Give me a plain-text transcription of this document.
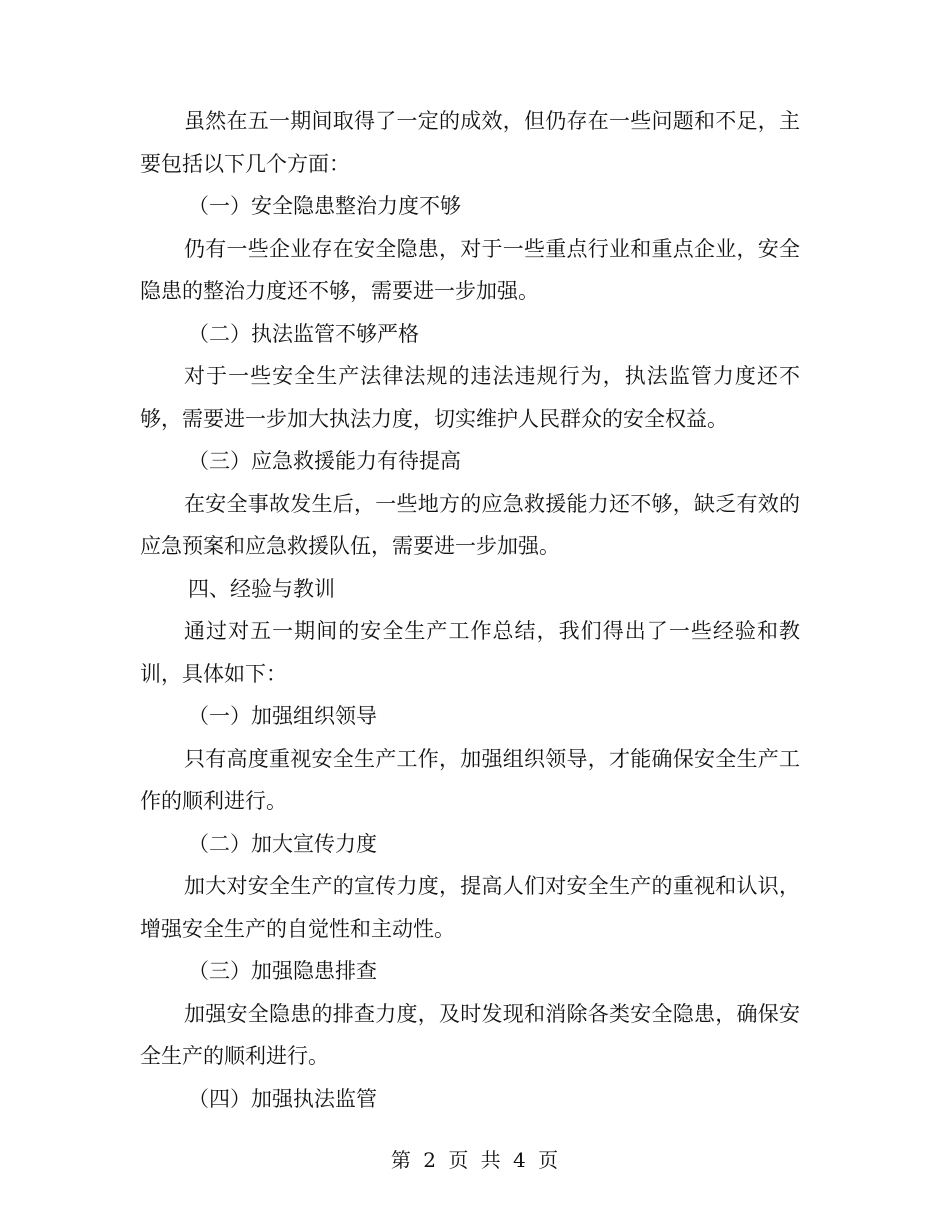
虽然在五一期间取得了一定的成效，但仍存在一些问题和不足，主要包括以下几个方面：

（一）安全隐患整治力度不够

仍有一些企业存在安全隐患，对于一些重点行业和重点企业，安全隐患的整治力度还不够，需要进一步加强。

（二）执法监管不够严格

对于一些安全生产法律法规的违法违规行为，执法监管力度还不够，需要进一步加大执法力度，切实维护人民群众的安全权益。

（三）应急救援能力有待提高

在安全事故发生后，一些地方的应急救援能力还不够，缺乏有效的应急预案和应急救援队伍，需要进一步加强。

四、经验与教训

通过对五一期间的安全生产工作总结，我们得出了一些经验和教训，具体如下：

（一）加强组织领导

只有高度重视安全生产工作，加强组织领导，才能确保安全生产工作的顺利进行。

（二）加大宣传力度

加大对安全生产的宣传力度，提高人们对安全生产的重视和认识，增强安全生产的自觉性和主动性。

（三）加强隐患排查

加强安全隐患的排查力度，及时发现和消除各类安全隐患，确保安全生产的顺利进行。

（四）加强执法监管

第 2 页 共 4 页
